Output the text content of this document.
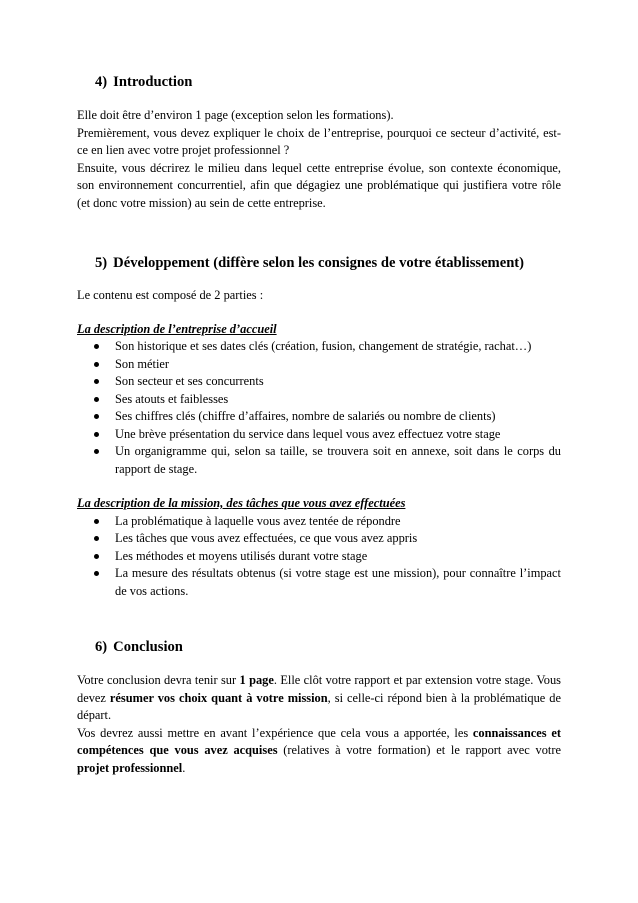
4) Introduction

Elle doit être d’environ 1 page (exception selon les formations).

Premièrement, vous devez expliquer le choix de l’entreprise, pourquoi ce secteur d’activité, est-ce en lien avec votre projet professionnel ?

Ensuite, vous décrirez le milieu dans lequel cette entreprise évolue, son contexte économique, son environnement concurrentiel, afin que dégagiez une problématique qui justifiera votre rôle (et donc votre mission) au sein de cette entreprise.

5) Développement (diffère selon les consignes de votre établissement)

Le contenu est composé de 2 parties :

La description de l’entreprise d’accueil

Son historique et ses dates clés (création, fusion, changement de stratégie, rachat…)
Son métier
Son secteur et ses concurrents
Ses atouts et faiblesses
Ses chiffres clés (chiffre d’affaires, nombre de salariés ou nombre de clients)
Une brève présentation du service dans lequel vous avez effectuez votre stage
Un organigramme qui, selon sa taille, se trouvera soit en annexe, soit dans le corps du rapport de stage.

La description de la mission, des tâches que vous avez effectuées

La problématique à laquelle vous avez tentée de répondre
Les tâches que vous avez effectuées, ce que vous avez appris
Les méthodes et moyens utilisés durant votre stage
La mesure des résultats obtenus (si votre stage est une mission), pour connaître l’impact de vos actions.
6) Conclusion

Votre conclusion devra tenir sur 1 page. Elle clôt votre rapport et par extension votre stage. Vous devez résumer vos choix quant à votre mission, si celle-ci répond bien à la problématique de départ.

Vos devrez aussi mettre en avant l’expérience que cela vous a apportée, les connaissances et compétences que vous avez acquises (relatives à votre formation) et le rapport avec votre projet professionnel.
